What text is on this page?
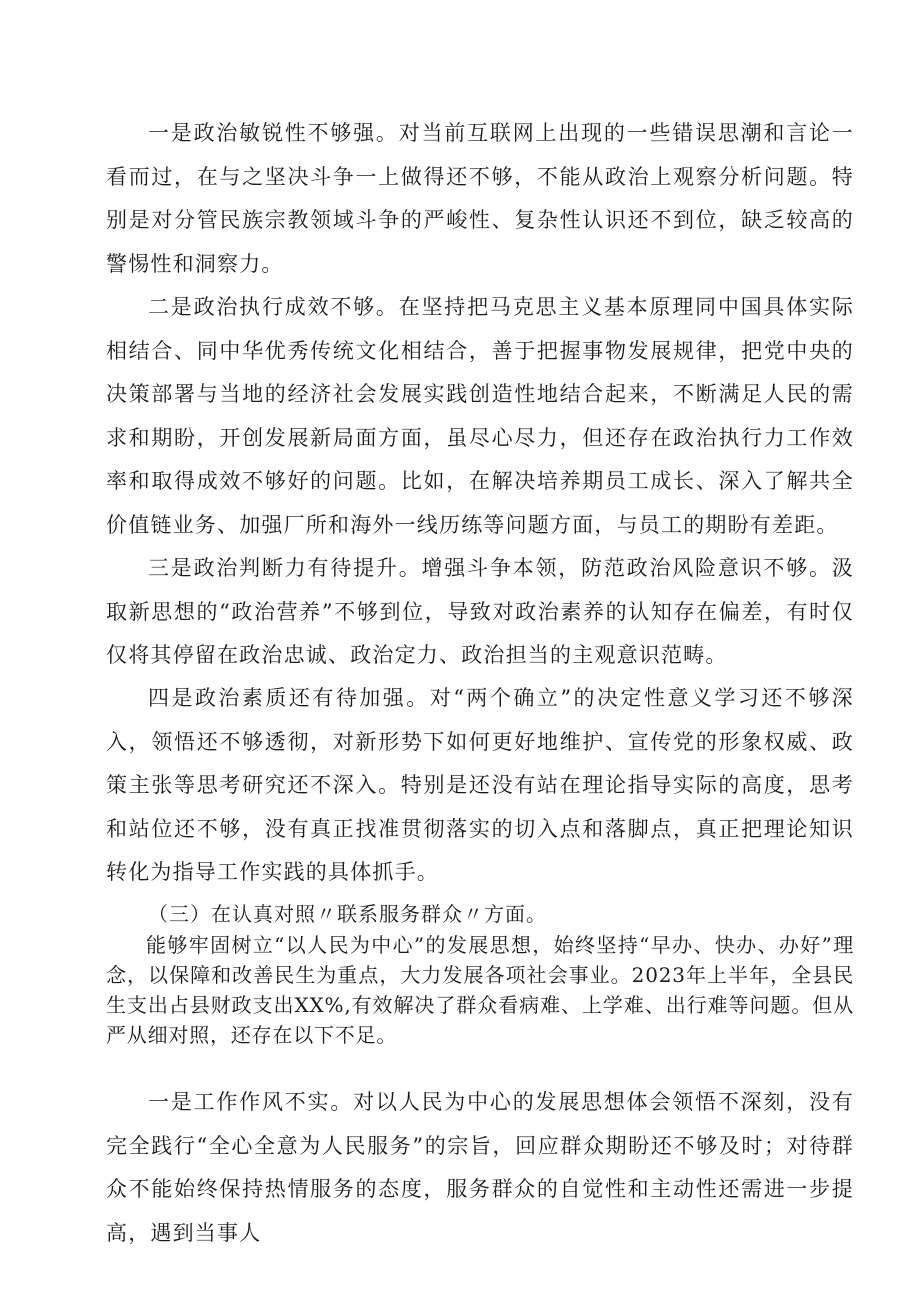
一是政治敏锐性不够强。对当前互联网上出现的一些错误思潮和言论一看而过，在与之坚决斗争一上做得还不够，不能从政治上观察分析问题。特别是对分管民族宗教领域斗争的严峻性、复杂性认识还不到位，缺乏较高的警惕性和洞察力。

二是政治执行成效不够。在坚持把马克思主义基本原理同中国具体实际相结合、同中华优秀传统文化相结合，善于把握事物发展规律，把党中央的决策部署与当地的经济社会发展实践创造性地结合起来，不断满足人民的需求和期盼，开创发展新局面方面，虽尽心尽力，但还存在政治执行力工作效率和取得成效不够好的问题。比如，在解决培养期员工成长、深入了解共全价值链业务、加强厂所和海外一线历练等问题方面，与员工的期盼有差距。

三是政治判断力有待提升。增强斗争本领，防范政治风险意识不够。汲取新思想的“政治营养”不够到位，导致对政治素养的认知存在偏差，有时仅仅将其停留在政治忠诚、政治定力、政治担当的主观意识范畴。

四是政治素质还有待加强。对“两个确立”的决定性意义学习还不够深入，领悟还不够透彻，对新形势下如何更好地维护、宣传党的形象权威、政策主张等思考研究还不深入。特别是还没有站在理论指导实际的高度，思考和站位还不够，没有真正找准贯彻落实的切入点和落脚点，真正把理论知识转化为指导工作实践的具体抓手。

（三）在认真对照〃联系服务群众〃方面。

能够牢固树立“以人民为中心”的发展思想，始终坚持“早办、快办、办好”理念，以保障和改善民生为重点，大力发展各项社会事业。2023年上半年，全县民生支出占县财政支出XX%,有效解决了群众看病难、上学难、出行难等问题。但从严从细对照，还存在以下不足。

一是工作作风不实。对以人民为中心的发展思想体会领悟不深刻，没有完全践行“全心全意为人民服务”的宗旨，回应群众期盼还不够及时；对待群众不能始终保持热情服务的态度，服务群众的自觉性和主动性还需进一步提高，遇到当事人
